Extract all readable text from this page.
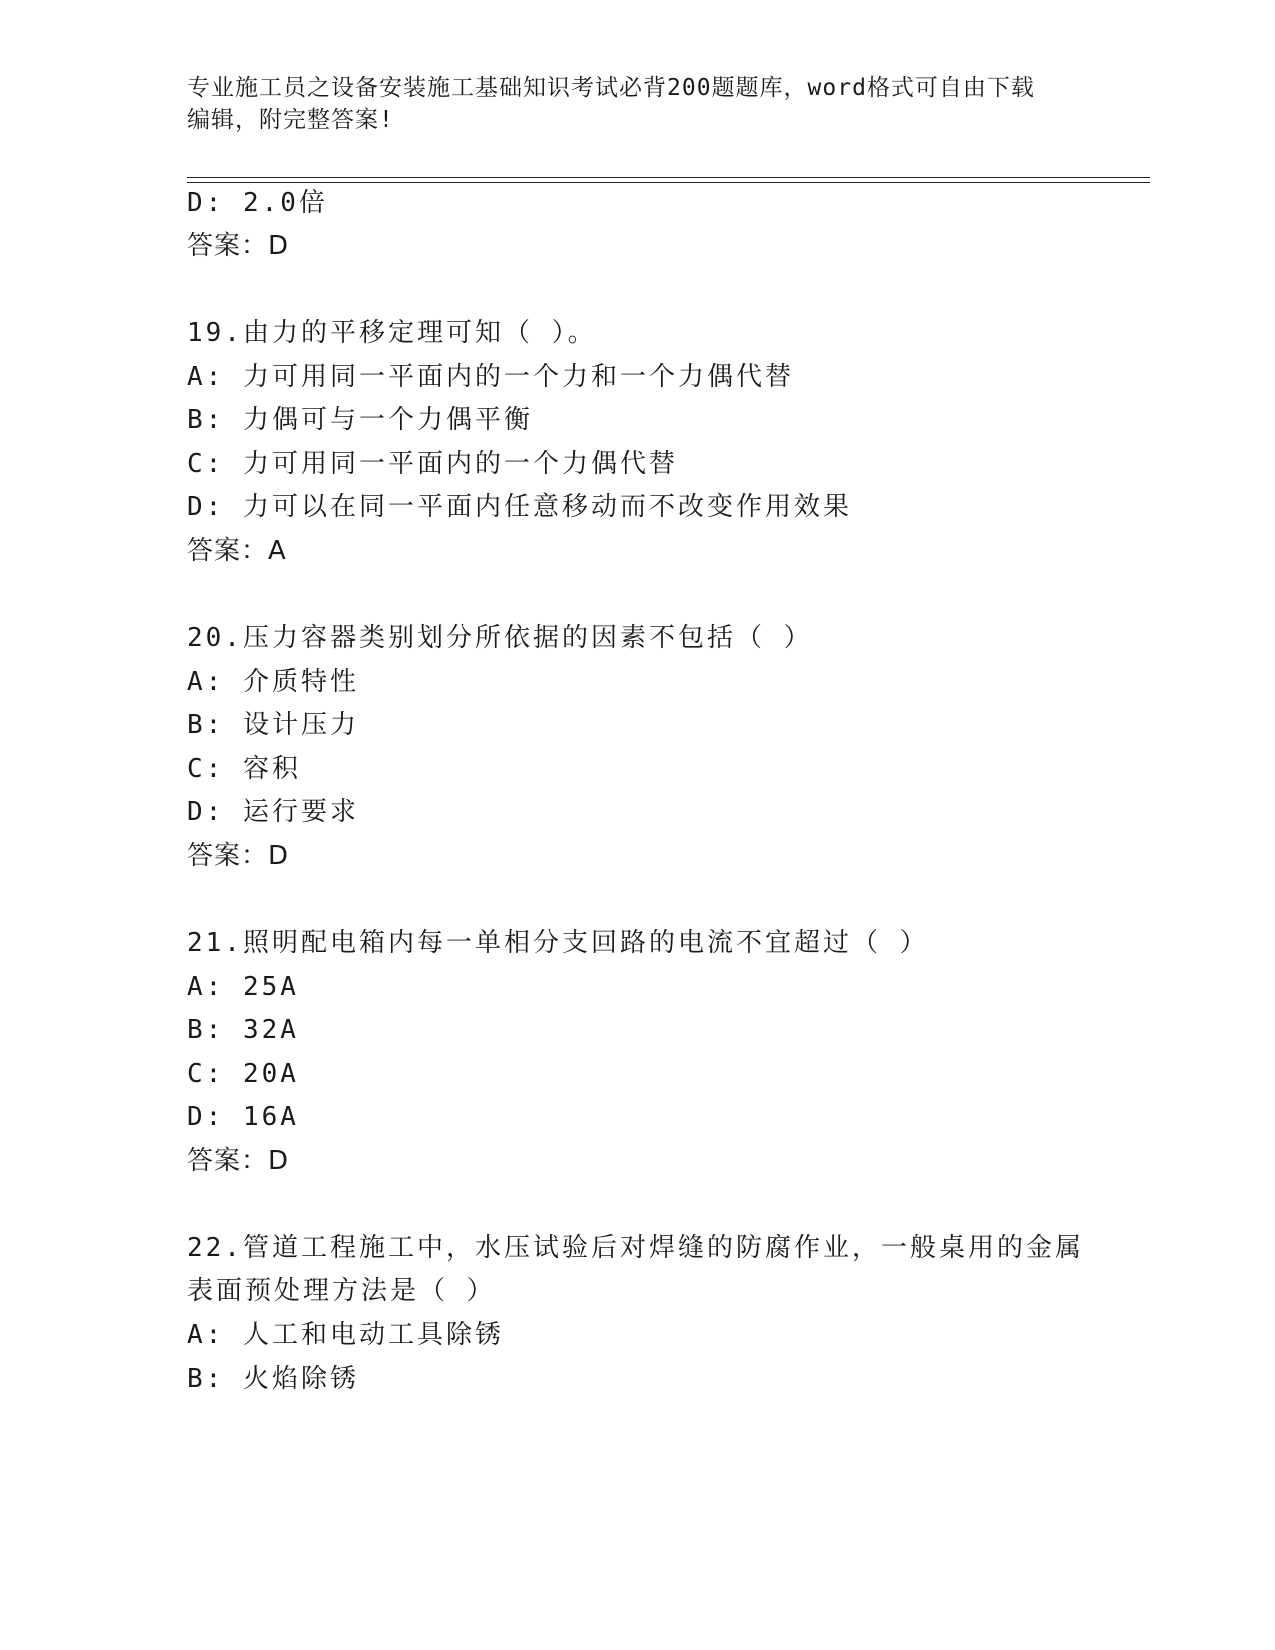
专业施工员之设备安装施工基础知识考试必背200题题库，word格式可自由下载
编辑，附完整答案!
D: 2.0倍
答案：D
19.由力的平移定理可知（ ）。
A: 力可用同一平面内的一个力和一个力偶代替
B: 力偶可与一个力偶平衡
C: 力可用同一平面内的一个力偶代替
D: 力可以在同一平面内任意移动而不改变作用效果
答案：A
20.压力容器类别划分所依据的因素不包括（ ）
A: 介质特性
B: 设计压力
C: 容积
D: 运行要求
答案：D
21.照明配电箱内每一单相分支回路的电流不宜超过（ ）
A: 25A
B: 32A
C: 20A
D: 16A
答案：D
22.管道工程施工中，水压试验后对焊缝的防腐作业，一般桌用的金属
表面预处理方法是（ ）
A: 人工和电动工具除锈
B: 火焰除锈
